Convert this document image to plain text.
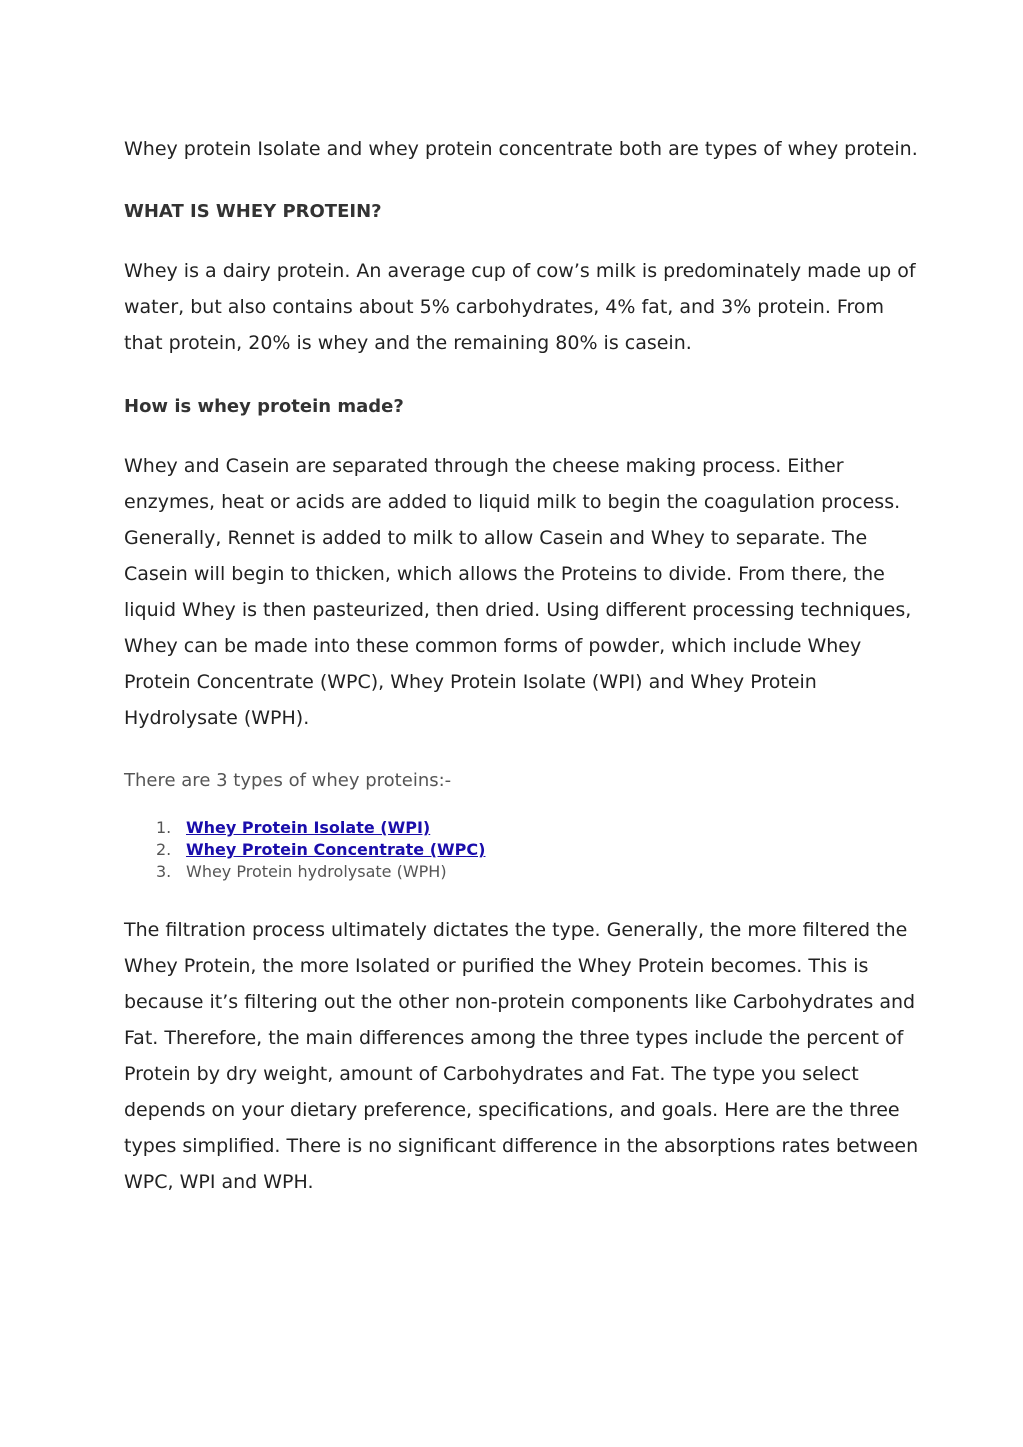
Whey protein Isolate and whey protein concentrate both are types of whey protein.

WHAT IS WHEY PROTEIN?
Whey is a dairy protein. An average cup of cow’s milk is predominately made up of
water, but also contains about 5% carbohydrates, 4% fat, and 3% protein. From
that protein, 20% is whey and the remaining 80% is casein.
How is whey protein made?
Whey and Casein are separated through the cheese making process. Either
enzymes, heat or acids are added to liquid milk to begin the coagulation process.
Generally, Rennet is added to milk to allow Casein and Whey to separate. The
Casein will begin to thicken, which allows the Proteins to divide. From there, the
liquid Whey is then pasteurized, then dried. Using different processing techniques,
Whey can be made into these common forms of powder, which include Whey
Protein Concentrate (WPC), Whey Protein Isolate (WPI) and Whey Protein
Hydrolysate (WPH).

There are 3 types of whey proteins:-

1. Whey Protein Isolate (WPI)
2. Whey Protein Concentrate (WPC)
3. Whey Protein hydrolysate (WPH)
The filtration process ultimately dictates the type. Generally, the more filtered the
Whey Protein, the more Isolated or purified the Whey Protein becomes. This is
because it’s filtering out the other non-protein components like Carbohydrates and
Fat. Therefore, the main differences among the three types include the percent of
Protein by dry weight, amount of Carbohydrates and Fat. The type you select
depends on your dietary preference, specifications, and goals. Here are the three
types simplified. There is no significant difference in the absorptions rates between
WPC, WPI and WPH.
